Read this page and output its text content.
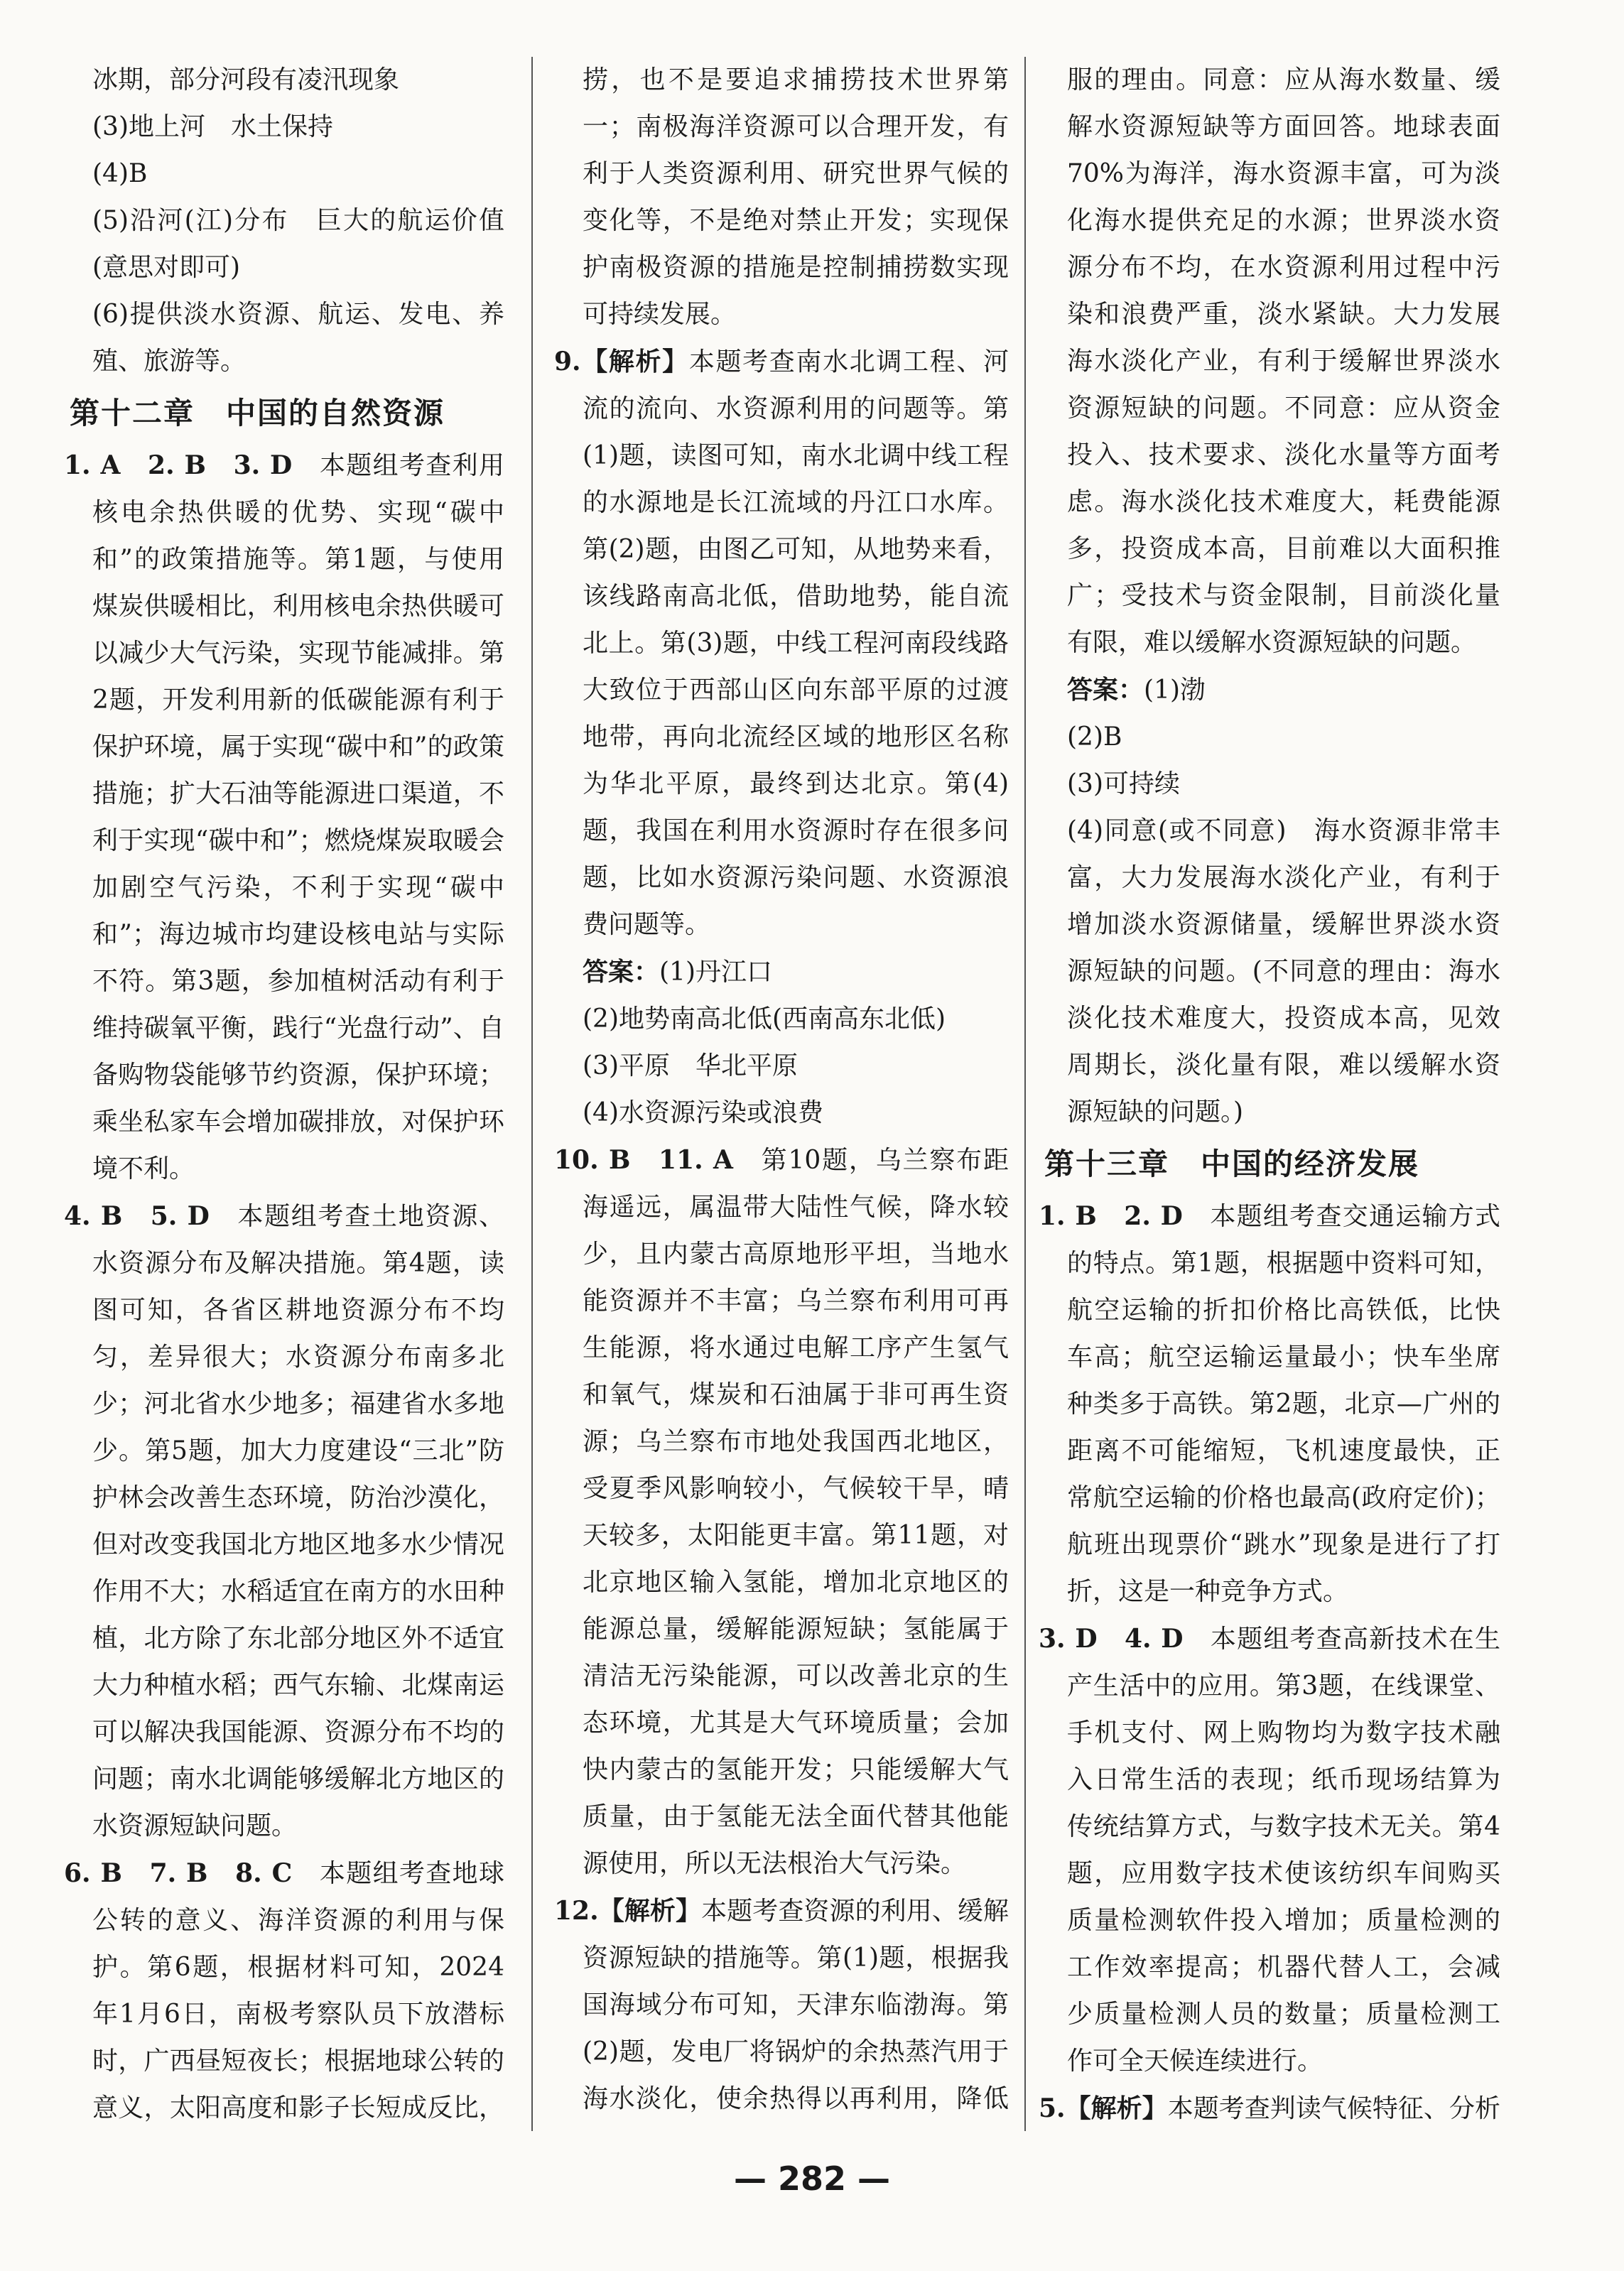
冰期，部分河段有凌汛现象

(3)地上河　水土保持

(4)B

(5)沿河(江)分布　巨大的航运价值(意思对即可)

(6)提供淡水资源、航运、发电、养殖、旅游等。

第十二章　中国的自然资源

1. A　2. B　3. D　本题组考查利用核电余热供暖的优势、实现“碳中和”的政策措施等。第1题，与使用煤炭供暖相比，利用核电余热供暖可以减少大气污染，实现节能减排。第2题，开发利用新的低碳能源有利于保护环境，属于实现“碳中和”的政策措施；扩大石油等能源进口渠道，不利于实现“碳中和”；燃烧煤炭取暖会加剧空气污染，不利于实现“碳中和”；海边城市均建设核电站与实际不符。第3题，参加植树活动有利于维持碳氧平衡，践行“光盘行动”、自备购物袋能够节约资源，保护环境；乘坐私家车会增加碳排放，对保护环境不利。

4. B　5. D　本题组考查土地资源、水资源分布及解决措施。第4题，读图可知，各省区耕地资源分布不均匀，差异很大；水资源分布南多北少；河北省水少地多；福建省水多地少。第5题，加大力度建设“三北”防护林会改善生态环境，防治沙漠化，但对改变我国北方地区地多水少情况作用不大；水稻适宜在南方的水田种植，北方除了东北部分地区外不适宜大力种植水稻；西气东输、北煤南运可以解决我国能源、资源分布不均的问题；南水北调能够缓解北方地区的水资源短缺问题。

6. B　7. B　8. C　本题组考查地球公转的意义、海洋资源的利用与保护。第6题，根据材料可知，2024年1月6日，南极考察队员下放潜标时，广西昼短夜长；根据地球公转的意义，太阳高度和影子长短成反比，

捞，也不是要追求捕捞技术世界第一；南极海洋资源可以合理开发，有利于人类资源利用、研究世界气候的变化等，不是绝对禁止开发；实现保护南极资源的措施是控制捕捞数实现可持续发展。

9.【解析】本题考查南水北调工程、河流的流向、水资源利用的问题等。第(1)题，读图可知，南水北调中线工程的水源地是长江流域的丹江口水库。第(2)题，由图乙可知，从地势来看，该线路南高北低，借助地势，能自流北上。第(3)题，中线工程河南段线路大致位于西部山区向东部平原的过渡地带，再向北流经区域的地形区名称为华北平原，最终到达北京。第(4)题，我国在利用水资源时存在很多问题，比如水资源污染问题、水资源浪费问题等。

答案：(1)丹江口

(2)地势南高北低(西南高东北低)

(3)平原　华北平原

(4)水资源污染或浪费

10. B　11. A　第10题，乌兰察布距海遥远，属温带大陆性气候，降水较少，且内蒙古高原地形平坦，当地水能资源并不丰富；乌兰察布利用可再生能源，将水通过电解工序产生氢气和氧气，煤炭和石油属于非可再生资源；乌兰察布市地处我国西北地区，受夏季风影响较小，气候较干旱，晴天较多，太阳能更丰富。第11题，对北京地区输入氢能，增加北京地区的能源总量，缓解能源短缺；氢能属于清洁无污染能源，可以改善北京的生态环境，尤其是大气环境质量；会加快内蒙古的氢能开发；只能缓解大气质量，由于氢能无法全面代替其他能源使用，所以无法根治大气污染。

12.【解析】本题考查资源的利用、缓解资源短缺的措施等。第(1)题，根据我国海域分布可知，天津东临渤海。第(2)题，发电厂将锅炉的余热蒸汽用于海水淡化，使余热得以再利用，降低

服的理由。同意：应从海水数量、缓解水资源短缺等方面回答。地球表面70%为海洋，海水资源丰富，可为淡化海水提供充足的水源；世界淡水资源分布不均，在水资源利用过程中污染和浪费严重，淡水紧缺。大力发展海水淡化产业，有利于缓解世界淡水资源短缺的问题。不同意：应从资金投入、技术要求、淡化水量等方面考虑。海水淡化技术难度大，耗费能源多，投资成本高，目前难以大面积推广；受技术与资金限制，目前淡化量有限，难以缓解水资源短缺的问题。

答案：(1)渤

(2)B

(3)可持续

(4)同意(或不同意)　海水资源非常丰富，大力发展海水淡化产业，有利于增加淡水资源储量，缓解世界淡水资源短缺的问题。(不同意的理由：海水淡化技术难度大，投资成本高，见效周期长，淡化量有限，难以缓解水资源短缺的问题。)

第十三章　中国的经济发展

1. B　2. D　本题组考查交通运输方式的特点。第1题，根据题中资料可知，航空运输的折扣价格比高铁低，比快车高；航空运输运量最小；快车坐席种类多于高铁。第2题，北京—广州的距离不可能缩短，飞机速度最快，正常航空运输的价格也最高(政府定价)；航班出现票价“跳水”现象是进行了打折，这是一种竞争方式。

3. D　4. D　本题组考查高新技术在生产生活中的应用。第3题，在线课堂、手机支付、网上购物均为数字技术融入日常生活的表现；纸币现场结算为传统结算方式，与数字技术无关。第4题，应用数字技术使该纺织车间购买质量检测软件投入增加；质量检测的工作效率提高；机器代替人工，会减少质量检测人员的数量；质量检测工作可全天候连续进行。

5.【解析】本题考查判读气候特征、分析

— 282 —
